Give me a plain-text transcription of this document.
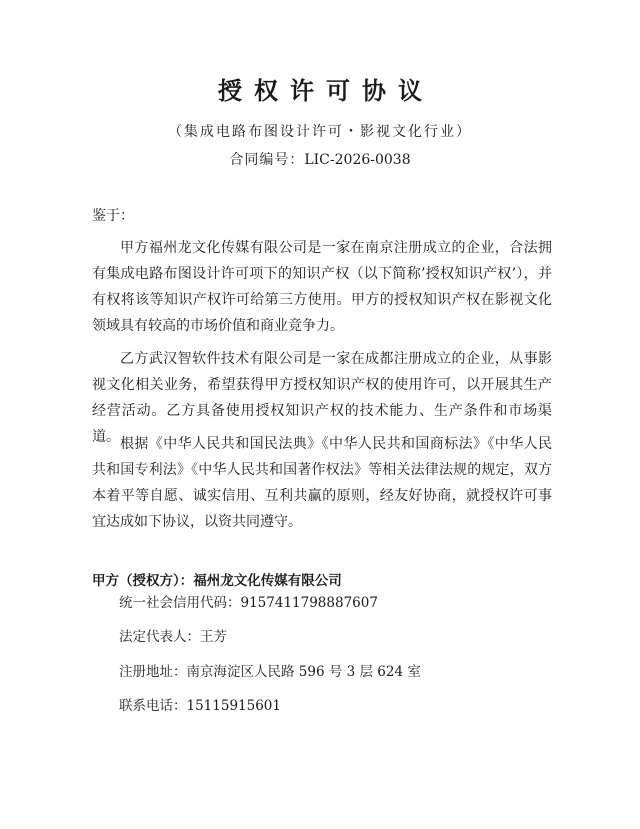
授权许可协议
（集成电路布图设计许可・影视文化行业）
合同编号：LIC-2026-0038
鉴于：

甲方福州龙文化传媒有限公司是一家在南京注册成立的企业，合法拥有集成电路布图设计许可项下的知识产权（以下简称’授权知识产权’），并有权将该等知识产权许可给第三方使用。甲方的授权知识产权在影视文化领域具有较高的市场价值和商业竞争力。

乙方武汉智软件技术有限公司是一家在成都注册成立的企业，从事影视文化相关业务，希望获得甲方授权知识产权的使用许可，以开展其生产经营活动。乙方具备使用授权知识产权的技术能力、生产条件和市场渠道。 根据《中华人民共和国民法典》《中华人民共和国商标法》《中华人民共和国专利法》《中华人民共和国著作权法》等相关法律法规的规定，双方本着平等自愿、诚实信用、互利共赢的原则，经友好协商，就授权许可事宜达成如下协议，以资共同遵守。

甲方（授权方）：福州龙文化传媒有限公司
统一社会信用代码：9157411798887607
法定代表人：王芳
注册地址：南京海淀区人民路 596 号 3 层 624 室
联系电话：15115915601
